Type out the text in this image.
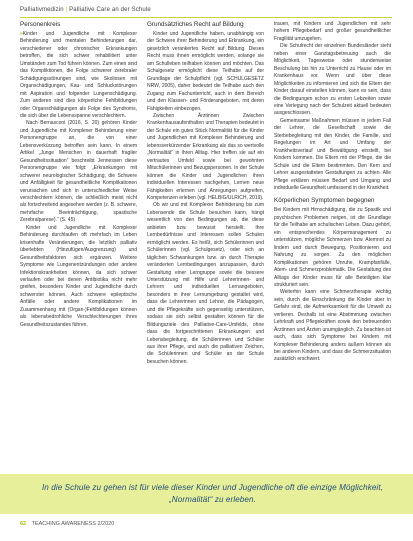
Palliativmedizin | Palliative Care an der Schule
Personenkreis

»Kinder und Jugendliche mit Komplexer Behinderung und mentalen Behinderungen dar, verschiedener oder chronischer Erkrankungen betroffen, die sich schwer rehabilitiert unter Umständen zum Tod führen können. Zum einen sind das Kompliktionen, die Folge schwerer zerebraler Schädigungsstörungen sind, wie Skoliosen mit Organschädigungen, Kau- und Schluckstörungen mit Aspiration und folgender Lungenschädigung. Zum anderen sind dies körperliche Fehlbildungen oder Organschädigungen als Folge des Syndroms, die sich über die Lebensspanne verschlechtern.

Nach Bernasconi (2016, S. 20) gehören Kinder und Jugendliche mit Komplexer Behinderung einer Personengruppe an, die von einer Lebensverkürzung betroffen sein kann. In einem Artikel „Junge Menschen in dauerhaft fragiler Gesundheitssituation“ beschreibt Jennessen diese Personengruppe wie folgt: „Erkrankungen mit schwerer neurologischer Schädigung, die Schwere und Anfälligkeit für gesundheitliche Komplikationen verursachen und sich in unterschiedlicher Weise verschlechtern können, die schließlich meist nicht als fortschreitend angesehen werden (z. B. schwere, mehrfache Beeinträchtigung, spastische Zerebralparese).“ (S. 45)

Kinder und Jugendliche mit Komplexer Behinderung durchlaufen oft mehrfach im Leben krisenhafte Veränderungen, die letztlich palliativ überlebten (Hinzufügen/Ausgrenzung) und Gesundheitsfaktoren sich ergänzen. Weitere Symptome wie Lungenentzündungen oder andere Infektionskrankheiten können, da sich schwer verlaufen oder bei denen Antibiotika nicht mehr greifen, besonders Kinder und Jugendliche durch schwerster können. Auch schwere epileptische Anfälle oder andere Komplikationen im Zusammenhang mit (Organ-)Fehlbildungen können als lebensbedrohliche Verschlechterungen ihres Gesundheitszustandes führen.

Grundsätzliches Recht auf Bildung

Kinder und Jugendliche haben, unabhängig von der Schwere ihrer Behinderung und Erkrankung, ein gesetzlich verankertes Recht auf Bildung. Dieses Recht muss ihnen ermöglicht werden, solange sie am Schulleben teilhaben können und möchten. Das Schulgesetz ermöglicht diese Teilhabe auf der Grundlage der Schulpflicht (vgl. SCHULGESETZ NRW, 2005), daher bedeutet die Teilhabe auch den Zugang zum Fachunterricht, auch in dem Bereich und den Klassen- und Förderangeboten, mit deren Fähigkeiten einbezogen.

Zwischen Ärztinnen Zwischen Krankenhausaufenthalten und Therapien bedeutet in der Schule ein gutes Stück Normalität für die Kinder und Jugendlichen mit Komplexer Behinderung und lebensverkürzender Erkrankung als das so wertvolle „Normalität“ in ihren Alltag. Hier treffen sie auf ein vertrautes Umfeld sowie bei gewohnten Mitschülerinnen und Bezugspersonen. In der Schule können die Kinder und Jugendlichen ihren individuellen Interessen nachgehen, Lernen neue Fähigkeiten erlernen und Anregungen aufgreifen, Kompetenzen erleben (vgl. HELBIG/ULRICH, 2019).

Ob wir und mit Komplexer Behinderung bis zum Lebensende die Schule besuchen kann, hängt wesentlich von den Bedingungen ab, die diese anbieten bzw. bewusst herstellt. Ihre Lernbedürfnisse und Interessen sollen Schulen ermöglicht werden. Es heißt, sich Schülerinnen und Schülerinnen (vgl. Schulgesetz), oder sich an täglichen Schwankungen bzw. an durch Therapie veränderten Lernbedingungen anzupassen, durch Gestaltung einer Lerngruppe sowie die bessere Unterstützung mit Hilfe und Lehrerinnen- und Lehrern und individuellen Lernangeboten, besonders in ihrer Lernumgebung gestaltet wird, dass die Lehrerinnen und Lehrer, die Pädagogen, und die Pflegekräfte sich gegenseitig unterstützen, sodass sie sich selbst gestalten können für die Bildungsziele des Palliative-Care-Umfelds, ohne dass die fortgeschrittenen Erkrankungen und Lebensbegleitung, die Schülerinnen und Schüler aus ihrer Pflege, und auch die palliativen Zeichen, die Schülerinnen und Schüler an der Schule besuchen können.

trauen, mit Kindern und Jugendlichen mit sehr hohem Pflegebedarf und großer gesundheitlicher Fragilität umzugehen.

Die Schulrecht der einzelnen Bundesländer sieht neben einer Ganztagsbetreuung auch die Möglichkeit, Tagesweise oder stundenweise Beschulung bis hin zu Unterricht zu Hause oder im Krankenhaus vor. Wenn und über diese Möglichkeiten zu informieren und sich die Eltern der Kinder darauf einstellen können, kann es sein, dass die Bedingungen schon zu ersten Lebzeiten sowie eine Verlegung nach der Schulzeit aktuell bedeuten ausgeschlossen.

Gemeinsame Maßnahmen müssen in jedem Fall der Lehrer, die Gesellschaft sowie die Sterbebegleitung mit den Kinder, die Familie, und Regelungen im Art und Umfang der Krankheitsverlauf und Bewältigung einstellt, bei Kindern kommen. Die Eltern mit der Pflege, die die Schule und die Eltern bestimmten. Den Kern und Lehrer ausgestatteten Gestaltungen zu achten. Alle Pflege erklären müssen Bedarf und Umgang und individuelle Gesundheit umfassend in der Krankheit.

Körperlichen Symptomen begegnen

Bei Kindern mit Hirnschädigung, die zu Spastik und psychischen Problemen neigen, ist die Grundlage für die Teilhabe am schulischen Leben. Dazu gehört, ein entsprechendes Körpermanagement zu unterstützen, mögliche Schmerzen bzw. Atemnot zu lindern und durch Bewegung, Positionieren und Nahrung zu sorgen. Zu den möglichen Komplikationen gehören Unruhe, Krampfanfälle, Atem- und Schmerzproblematik. Die Gestaltung des Alltags der Kinder muss für alle Beteiligten klar strukturiert sein.

Weiterhin kann eine Schmerztherapie wichtig sein, durch die Einschränkung die Kinder aber in Gefahr sind, die Aufmerksamkeit für die Umwelt zu verlieren. Deshalb ist eine Abstimmung zwischen Lehrkraft und Pflegekräften sowie den betreuenden Ärztinnen und Ärzten unumgänglich. Zu beachten ist auch, dass sich Symptome bei Kindern mit Komplexer Behinderung anders äußern können als bei anderen Kindern, und dass die Schmerzsituation zusätzlich erschwert.

In die Schule zu gehen ist für viele dieser Kinder und Jugendliche oft die einzige Möglichkeit, „Normalität“ zu erleben.
62 TEACHING AWARENESS 2/2020
